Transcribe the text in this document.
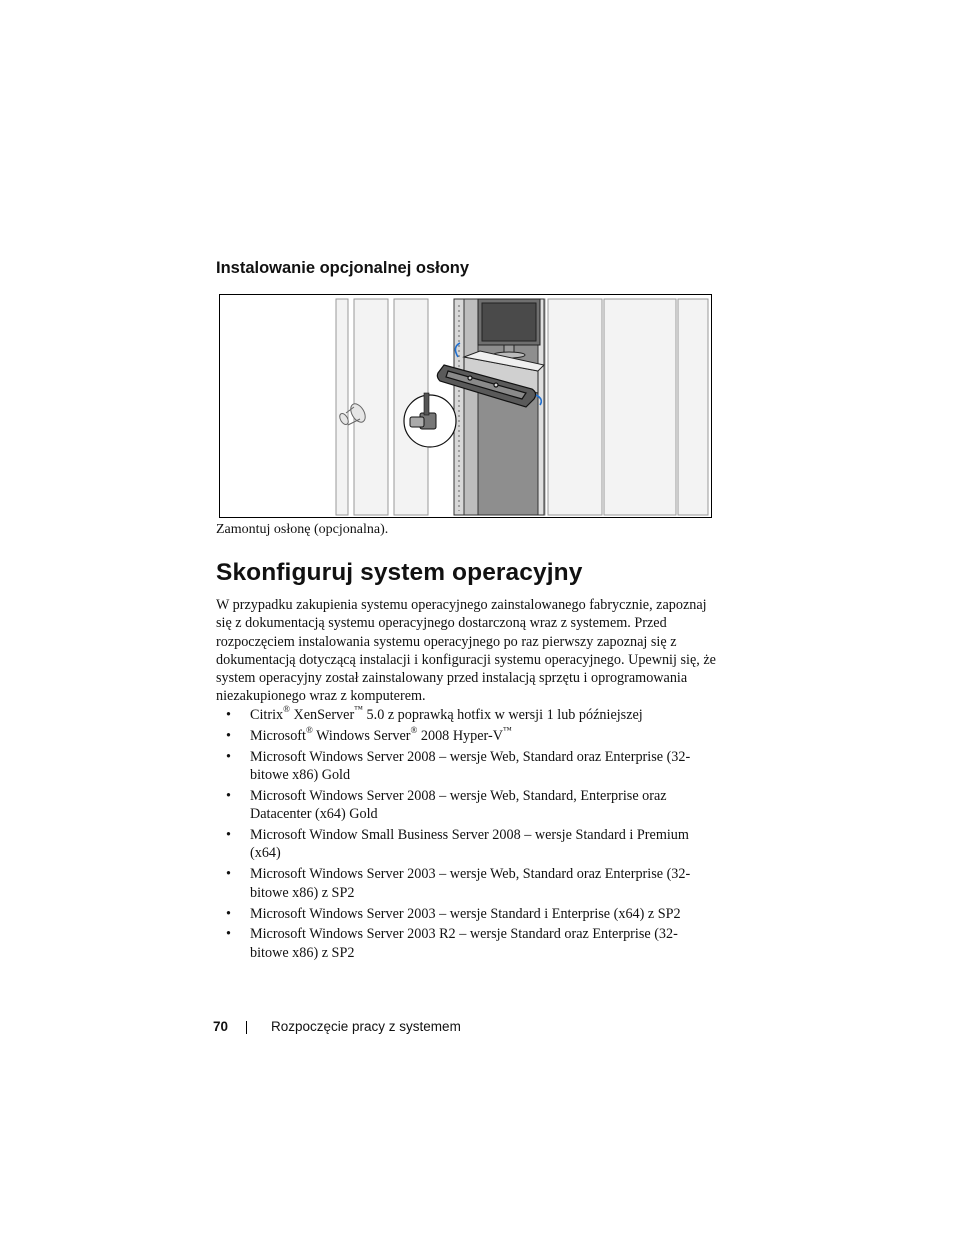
Instalowanie opcjonalnej osłony

Zamontuj osłonę (opcjonalna).

Skonfiguruj system operacyjny

W przypadku zakupienia systemu operacyjnego zainstalowanego fabrycznie, zapoznaj się z dokumentacją systemu operacyjnego dostarczoną wraz z systemem. Przed rozpoczęciem instalowania systemu operacyjnego po raz pierwszy zapoznaj się z dokumentacją dotyczącą instalacji i konfiguracji systemu operacyjnego. Upewnij się, że system operacyjny został zainstalowany przed instalacją sprzętu i oprogramowania niezakupionego wraz z komputerem.

• Citrix® XenServer™ 5.0 z poprawką hotfix w wersji 1 lub późniejszej
• Microsoft® Windows Server® 2008 Hyper-V™
• Microsoft Windows Server 2008 – wersje Web, Standard oraz Enterprise (32-bitowe x86) Gold
• Microsoft Windows Server 2008 – wersje Web, Standard, Enterprise oraz Datacenter (x64) Gold
• Microsoft Window Small Business Server 2008 – wersje Standard i Premium (x64)
• Microsoft Windows Server 2003 – wersje Web, Standard oraz Enterprise (32-bitowe x86) z SP2
• Microsoft Windows Server 2003 – wersje Standard i Enterprise (x64) z SP2
• Microsoft Windows Server 2003 R2 – wersje Standard oraz Enterprise (32-bitowe x86) z SP2
70	Rozpoczęcie pracy z systemem
